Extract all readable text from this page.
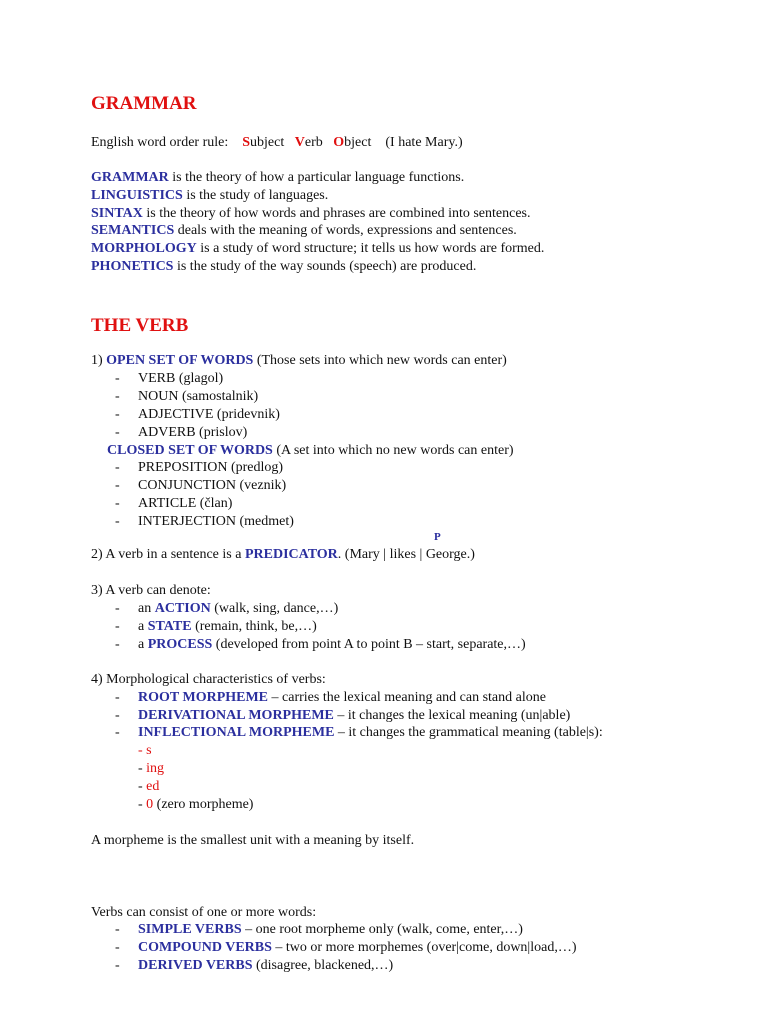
GRAMMAR
English word order rule: Subject Verb Object (I hate Mary.)
GRAMMAR is the theory of how a particular language functions.
LINGUISTICS is the study of languages.
SINTAX is the theory of how words and phrases are combined into sentences.
SEMANTICS deals with the meaning of words, expressions and sentences.
MORPHOLOGY is a study of word structure; it tells us how words are formed.
PHONETICS is the study of the way sounds (speech) are produced.
THE VERB
1) OPEN SET OF WORDS (Those sets into which new words can enter)
- VERB (glagol)
- NOUN (samostalnik)
- ADJECTIVE (pridevnik)
- ADVERB (prislov)
CLOSED SET OF WORDS (A set into which no new words can enter)
- PREPOSITION (predlog)
- CONJUNCTION (veznik)
- ARTICLE (član)
- INTERJECTION (medmet)
P
2) A verb in a sentence is a PREDICATOR. (Mary | likes | George.)
3) A verb can denote:
- an ACTION (walk, sing, dance,…)
- a STATE (remain, think, be,…)
- a PROCESS (developed from point A to point B – start, separate,…)
4) Morphological characteristics of verbs:
- ROOT MORPHEME – carries the lexical meaning and can stand alone
- DERIVATIONAL MORPHEME – it changes the lexical meaning (un|able)
- INFLECTIONAL MORPHEME – it changes the grammatical meaning (table|s):
- s
- ing
- ed
- 0 (zero morpheme)
A morpheme is the smallest unit with a meaning by itself.
Verbs can consist of one or more words:
- SIMPLE VERBS – one root morpheme only (walk, come, enter,…)
- COMPOUND VERBS – two or more morphemes (over|come, down|load,…)
- DERIVED VERBS (disagree, blackened,…)
